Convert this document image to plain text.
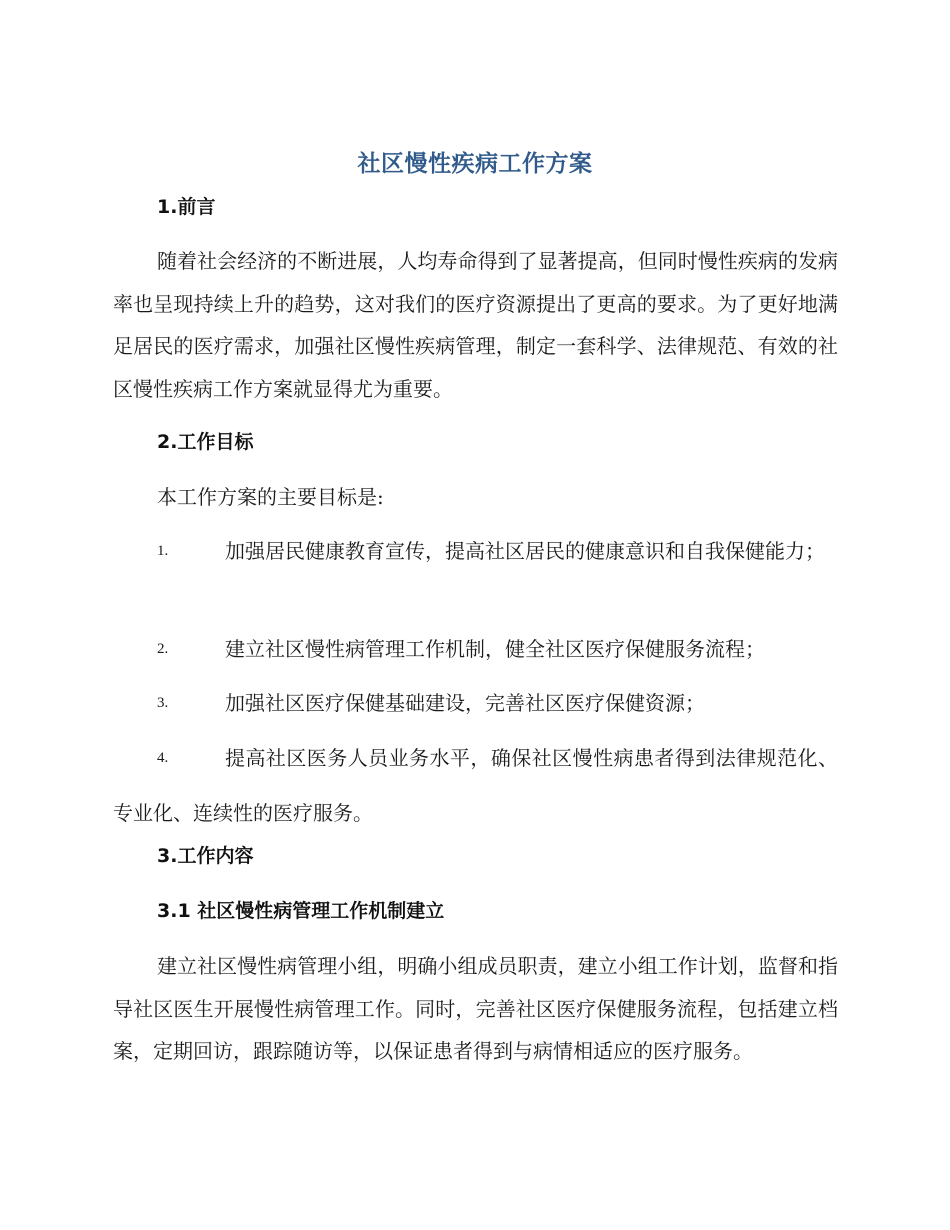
社区慢性疾病工作方案
1.前言

随着社会经济的不断进展，人均寿命得到了显著提高，但同时慢性疾病的发病率也呈现持续上升的趋势，这对我们的医疗资源提出了更高的要求。为了更好地满足居民的医疗需求，加强社区慢性疾病管理，制定一套科学、法律规范、有效的社区慢性疾病工作方案就显得尤为重要。

2.工作目标
本工作方案的主要目标是:
1.	加强居民健康教育宣传，提高社区居民的健康意识和自我保健能力；
2.	建立社区慢性病管理工作机制，健全社区医疗保健服务流程；
3.	加强社区医疗保健基础建设，完善社区医疗保健资源；
4.	提高社区医务人员业务水平，确保社区慢性病患者得到法律规范化、专业化、连续性的医疗服务。
3.工作内容
3.1 社区慢性病管理工作机制建立

建立社区慢性病管理小组，明确小组成员职责，建立小组工作计划，监督和指导社区医生开展慢性病管理工作。同时，完善社区医疗保健服务流程，包括建立档案，定期回访，跟踪随访等，以保证患者得到与病情相适应的医疗服务。
